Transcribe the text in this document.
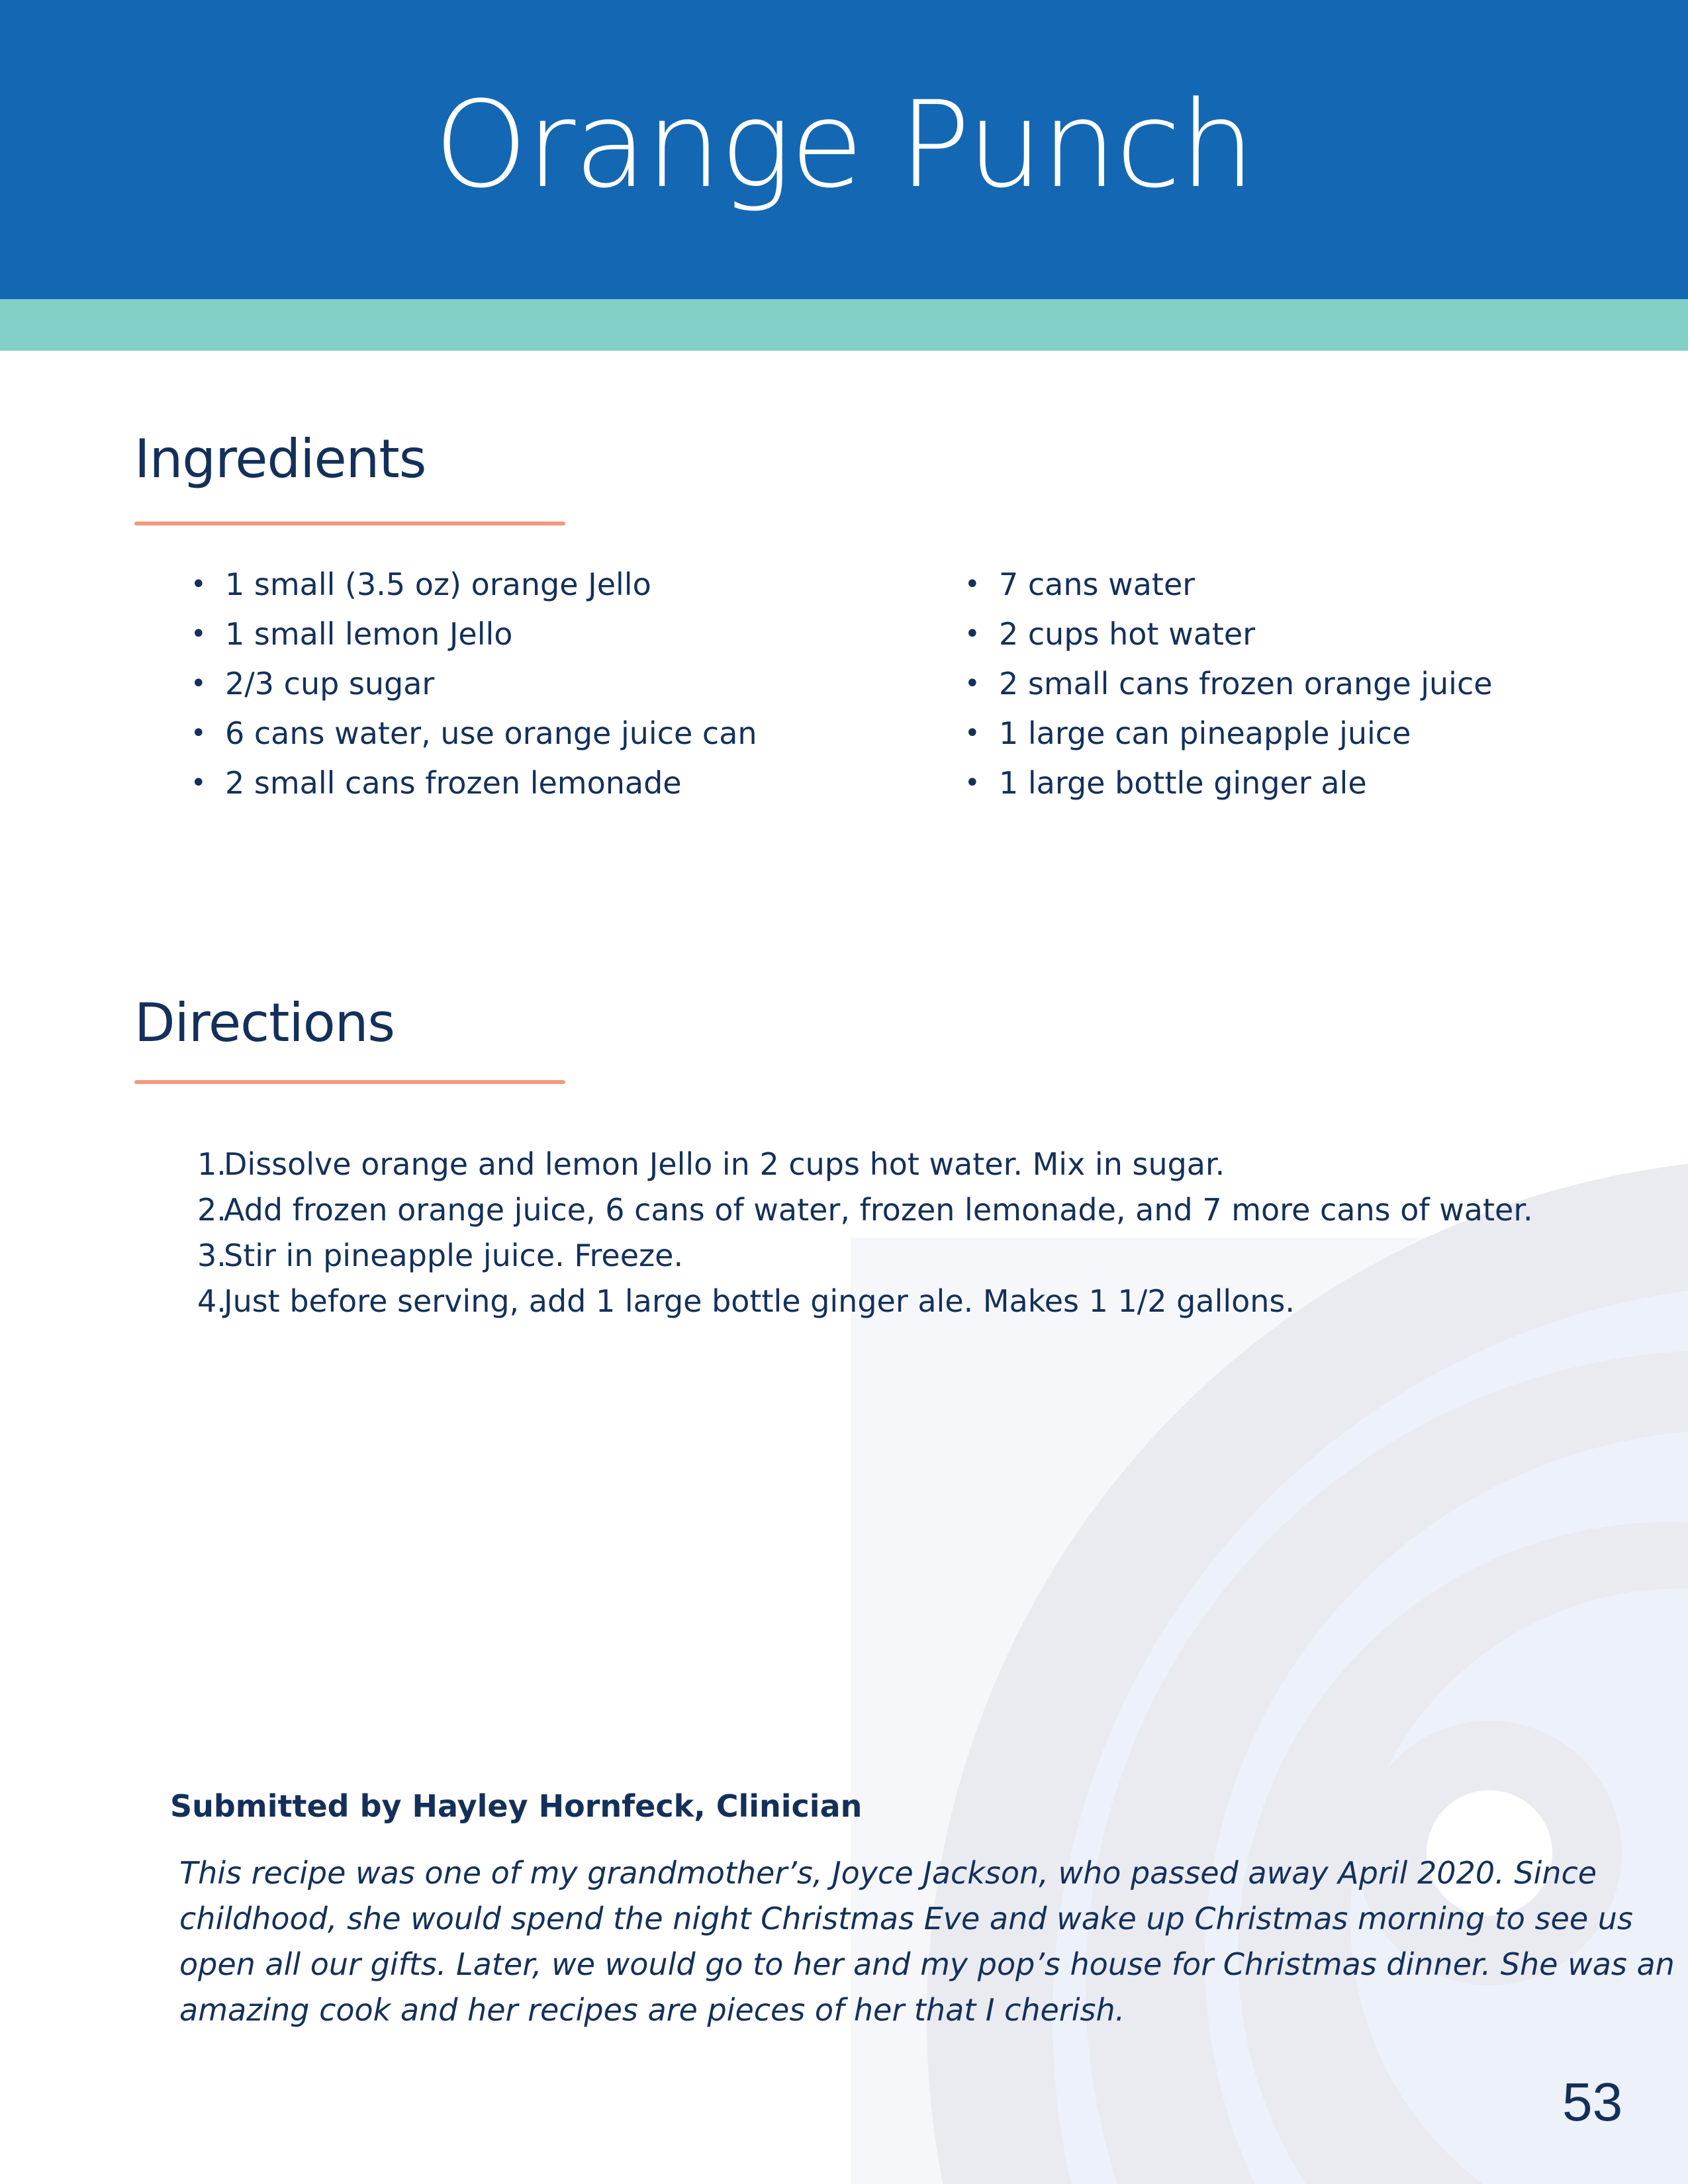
Orange Punch
Ingredients
• 1 small (3.5 oz) orange Jello
• 1 small lemon Jello
• 2/3 cup sugar
• 6 cans water, use orange juice can
• 2 small cans frozen lemonade
• 7 cans water
• 2 cups hot water
• 2 small cans frozen orange juice
• 1 large can pineapple juice
• 1 large bottle ginger ale
Directions
1.Dissolve orange and lemon Jello in 2 cups hot water. Mix in sugar.
2.Add frozen orange juice, 6 cans of water, frozen lemonade, and 7 more cans of water.
3.Stir in pineapple juice. Freeze.
4.Just before serving, add 1 large bottle ginger ale. Makes 1 1/2 gallons.
Submitted by Hayley Hornfeck, Clinician

This recipe was one of my grandmother’s, Joyce Jackson, who passed away April 2020. Since

childhood, she would spend the night Christmas Eve and wake up Christmas morning to see us

open all our gifts. Later, we would go to her and my pop’s house for Christmas dinner. She was an

amazing cook and her recipes are pieces of her that I cherish.

53
